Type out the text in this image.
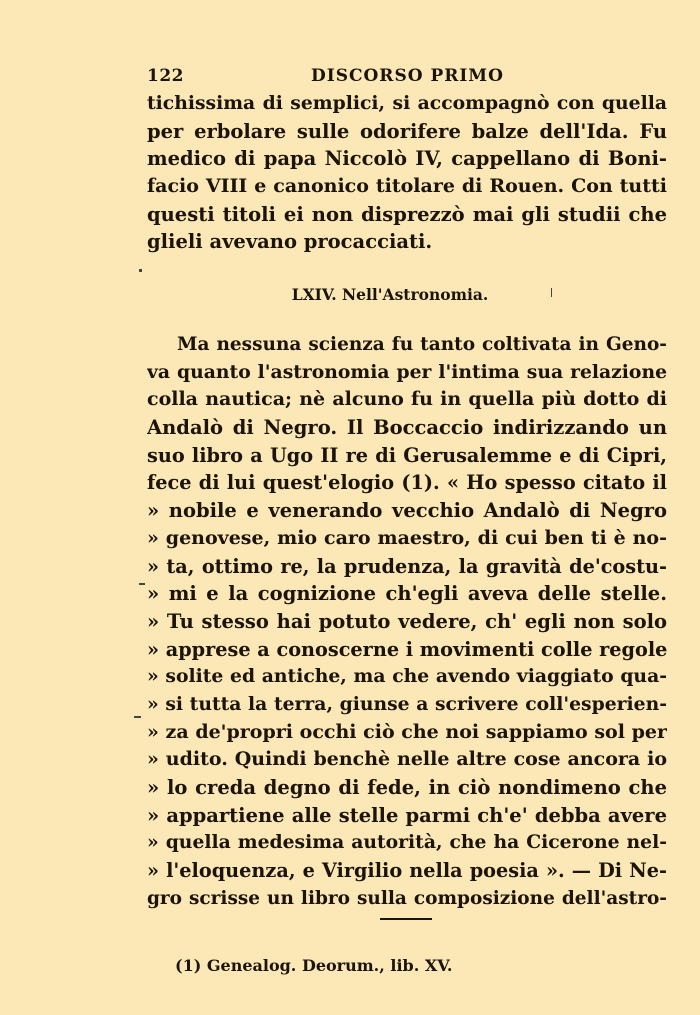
122	DISCORSO PRIMO
tichissima di semplici, si accompagnò con quella
per erbolare sulle odorifere balze dell'Ida. Fu
medico di papa Niccolò IV, cappellano di Boni-
facio VIII e canonico titolare di Rouen. Con tutti
questi titoli ei non disprezzò mai gli studii che
glieli avevano procacciati.
LXIV. Nell'Astronomia.
Ma nessuna scienza fu tanto coltivata in Geno-
va quanto l'astronomia per l'intima sua relazione
colla nautica; nè alcuno fu in quella più dotto di
Andalò di Negro. Il Boccaccio indirizzando un
suo libro a Ugo II re di Gerusalemme e di Cipri,
fece di lui quest'elogio (1). « Ho spesso citato il
» nobile e venerando vecchio Andalò di Negro
» genovese, mio caro maestro, di cui ben ti è no-
» ta, ottimo re, la prudenza, la gravità de'costu-
» mi e la cognizione ch'egli aveva delle stelle.
» Tu stesso hai potuto vedere, ch' egli non solo
» apprese a conoscerne i movimenti colle regole
» solite ed antiche, ma che avendo viaggiato qua-
» si tutta la terra, giunse a scrivere coll'esperien-
» za de'propri occhi ciò che noi sappiamo sol per
» udito. Quindi benchè nelle altre cose ancora io
» lo creda degno di fede, in ciò nondimeno che
» appartiene alle stelle parmi ch'e' debba avere
» quella medesima autorità, che ha Cicerone nel-
» l'eloquenza, e Virgilio nella poesia ». — Di Ne-
gro scrisse un libro sulla composizione dell'astro-
(1) Genealog. Deorum., lib. XV.
